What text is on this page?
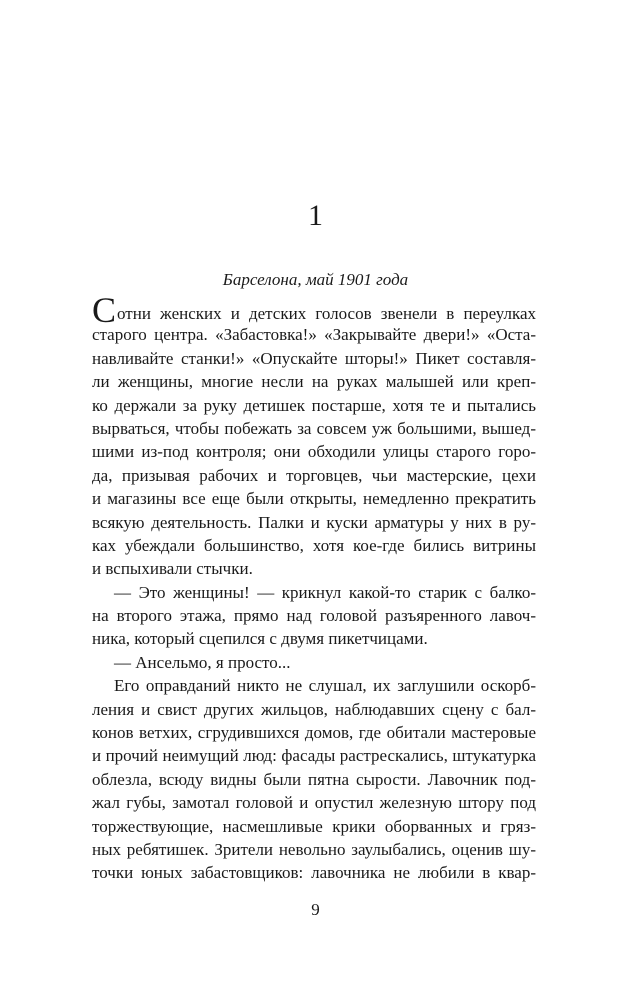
1
Барселона, май 1901 года
Сотни женских и детских голосов звенели в переулках
старого центра. «Забастовка!» «Закрывайте двери!» «Оста-
навливайте станки!» «Опускайте шторы!» Пикет составля-
ли женщины, многие несли на руках малышей или креп-
ко держали за руку детишек постарше, хотя те и пытались
вырваться, чтобы побежать за совсем уж большими, вышед-
шими из-под контроля; они обходили улицы старого горо-
да, призывая рабочих и торговцев, чьи мастерские, цехи
и магазины все еще были открыты, немедленно прекратить
всякую деятельность. Палки и куски арматуры у них в ру-
ках убеждали большинство, хотя кое-где бились витрины
и вспыхивали стычки.
— Это женщины! — крикнул какой-то старик с балко-
на второго этажа, прямо над головой разъяренного лавоч-
ника, который сцепился с двумя пикетчицами.
— Ансельмо, я просто...
Его оправданий никто не слушал, их заглушили оскорб-
ления и свист других жильцов, наблюдавших сцену с бал-
конов ветхих, сгрудившихся домов, где обитали мастеровые
и прочий неимущий люд: фасады растрескались, штукатурка
облезла, всюду видны были пятна сырости. Лавочник под-
жал губы, замотал головой и опустил железную штору под
торжествующие, насмешливые крики оборванных и гряз-
ных ребятишек. Зрители невольно заулыбались, оценив шу-
точки юных забастовщиков: лавочника не любили в квар-
9
